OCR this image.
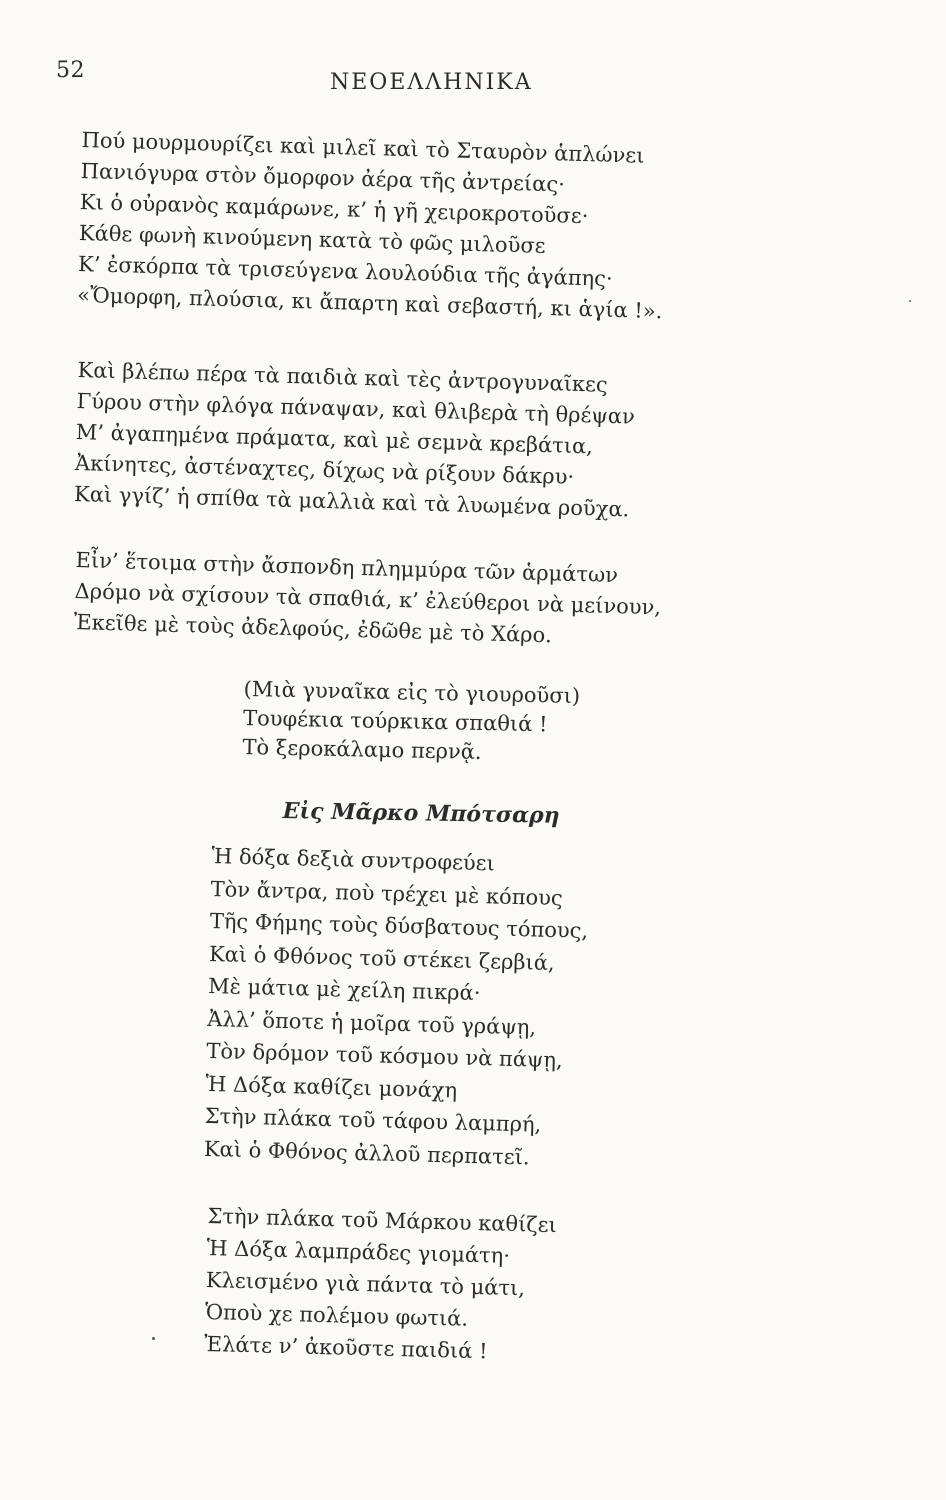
52	ΝΕΟΕΛΛΗΝΙΚΑ
Πού μουρμουρίζει καὶ μιλεῖ καὶ τὸ Σταυρὸν ἁπλώνει
Πανιόγυρα στὸν ὄμορφον ἀέρα τῆς ἀντρείας·
Κι ὁ οὐρανὸς καμάρωνε, κ’ ἡ γῆ χειροκροτοῦσε·
Κάθε φωνὴ κινούμενη κατὰ τὸ φῶς μιλοῦσε
Κ’ ἐσκόρπα τὰ τρισεύγενα λουλούδια τῆς ἀγάπης·
«Ὄμορφη, πλούσια, κι ἄπαρτη καὶ σεβαστή, κι ἁγία !».
Καὶ βλέπω πέρα τὰ παιδιὰ καὶ τὲς ἀντρογυναῖκες
Γύρου στὴν φλόγα πάναψαν, καὶ θλιβερὰ τὴ θρέψαν
Μ’ ἀγαπημένα πράματα, καὶ μὲ σεμνὰ κρεβάτια,
Ἀκίνητες, ἀστέναχτες, δίχως νὰ ρίξουν δάκρυ·
Καὶ γγίζ’ ἡ σπίθα τὰ μαλλιὰ καὶ τὰ λυωμένα ροῦχα.
Εἶν’ ἕτοιμα στὴν ἄσπονδη πλημμύρα τῶν ἁρμάτων
Δρόμο νὰ σχίσουν τὰ σπαθιά, κ’ ἐλεύθεροι νὰ μείνουν,
Ἐκεῖθε μὲ τοὺς ἀδελφούς, ἐδῶθε μὲ τὸ Χάρο.
(Μιὰ γυναῖκα εἰς τὸ γιουροῦσι)
Τουφέκια τούρκικα σπαθιά !
Τὸ ξεροκάλαμο περνᾷ.
Εἰς Μᾶρκο Μπότσαρη
Ἡ δόξα δεξιὰ συντροφεύει
Τὸν ἄντρα, ποὺ τρέχει μὲ κόπους
Τῆς Φήμης τοὺς δύσβατους τόπους,
Καὶ ὁ Φθόνος τοῦ στέκει ζερβιά,
Μὲ μάτια μὲ χείλη πικρά·
Ἀλλ’ ὅποτε ἡ μοῖρα τοῦ γράψῃ,
Τὸν δρόμον τοῦ κόσμου νὰ πάψῃ,
Ἡ Δόξα καθίζει μονάχη
Στὴν πλάκα τοῦ τάφου λαμπρή,
Καὶ ὁ Φθόνος ἀλλοῦ περπατεῖ.
Στὴν πλάκα τοῦ Μάρκου καθίζει
Ἡ Δόξα λαμπράδες γιομάτη·
Κλεισμένο γιὰ πάντα τὸ μάτι,
Ὁποὺ χε πολέμου φωτιά.
Ἐλάτε ν’ ἀκοῦστε παιδιά !
